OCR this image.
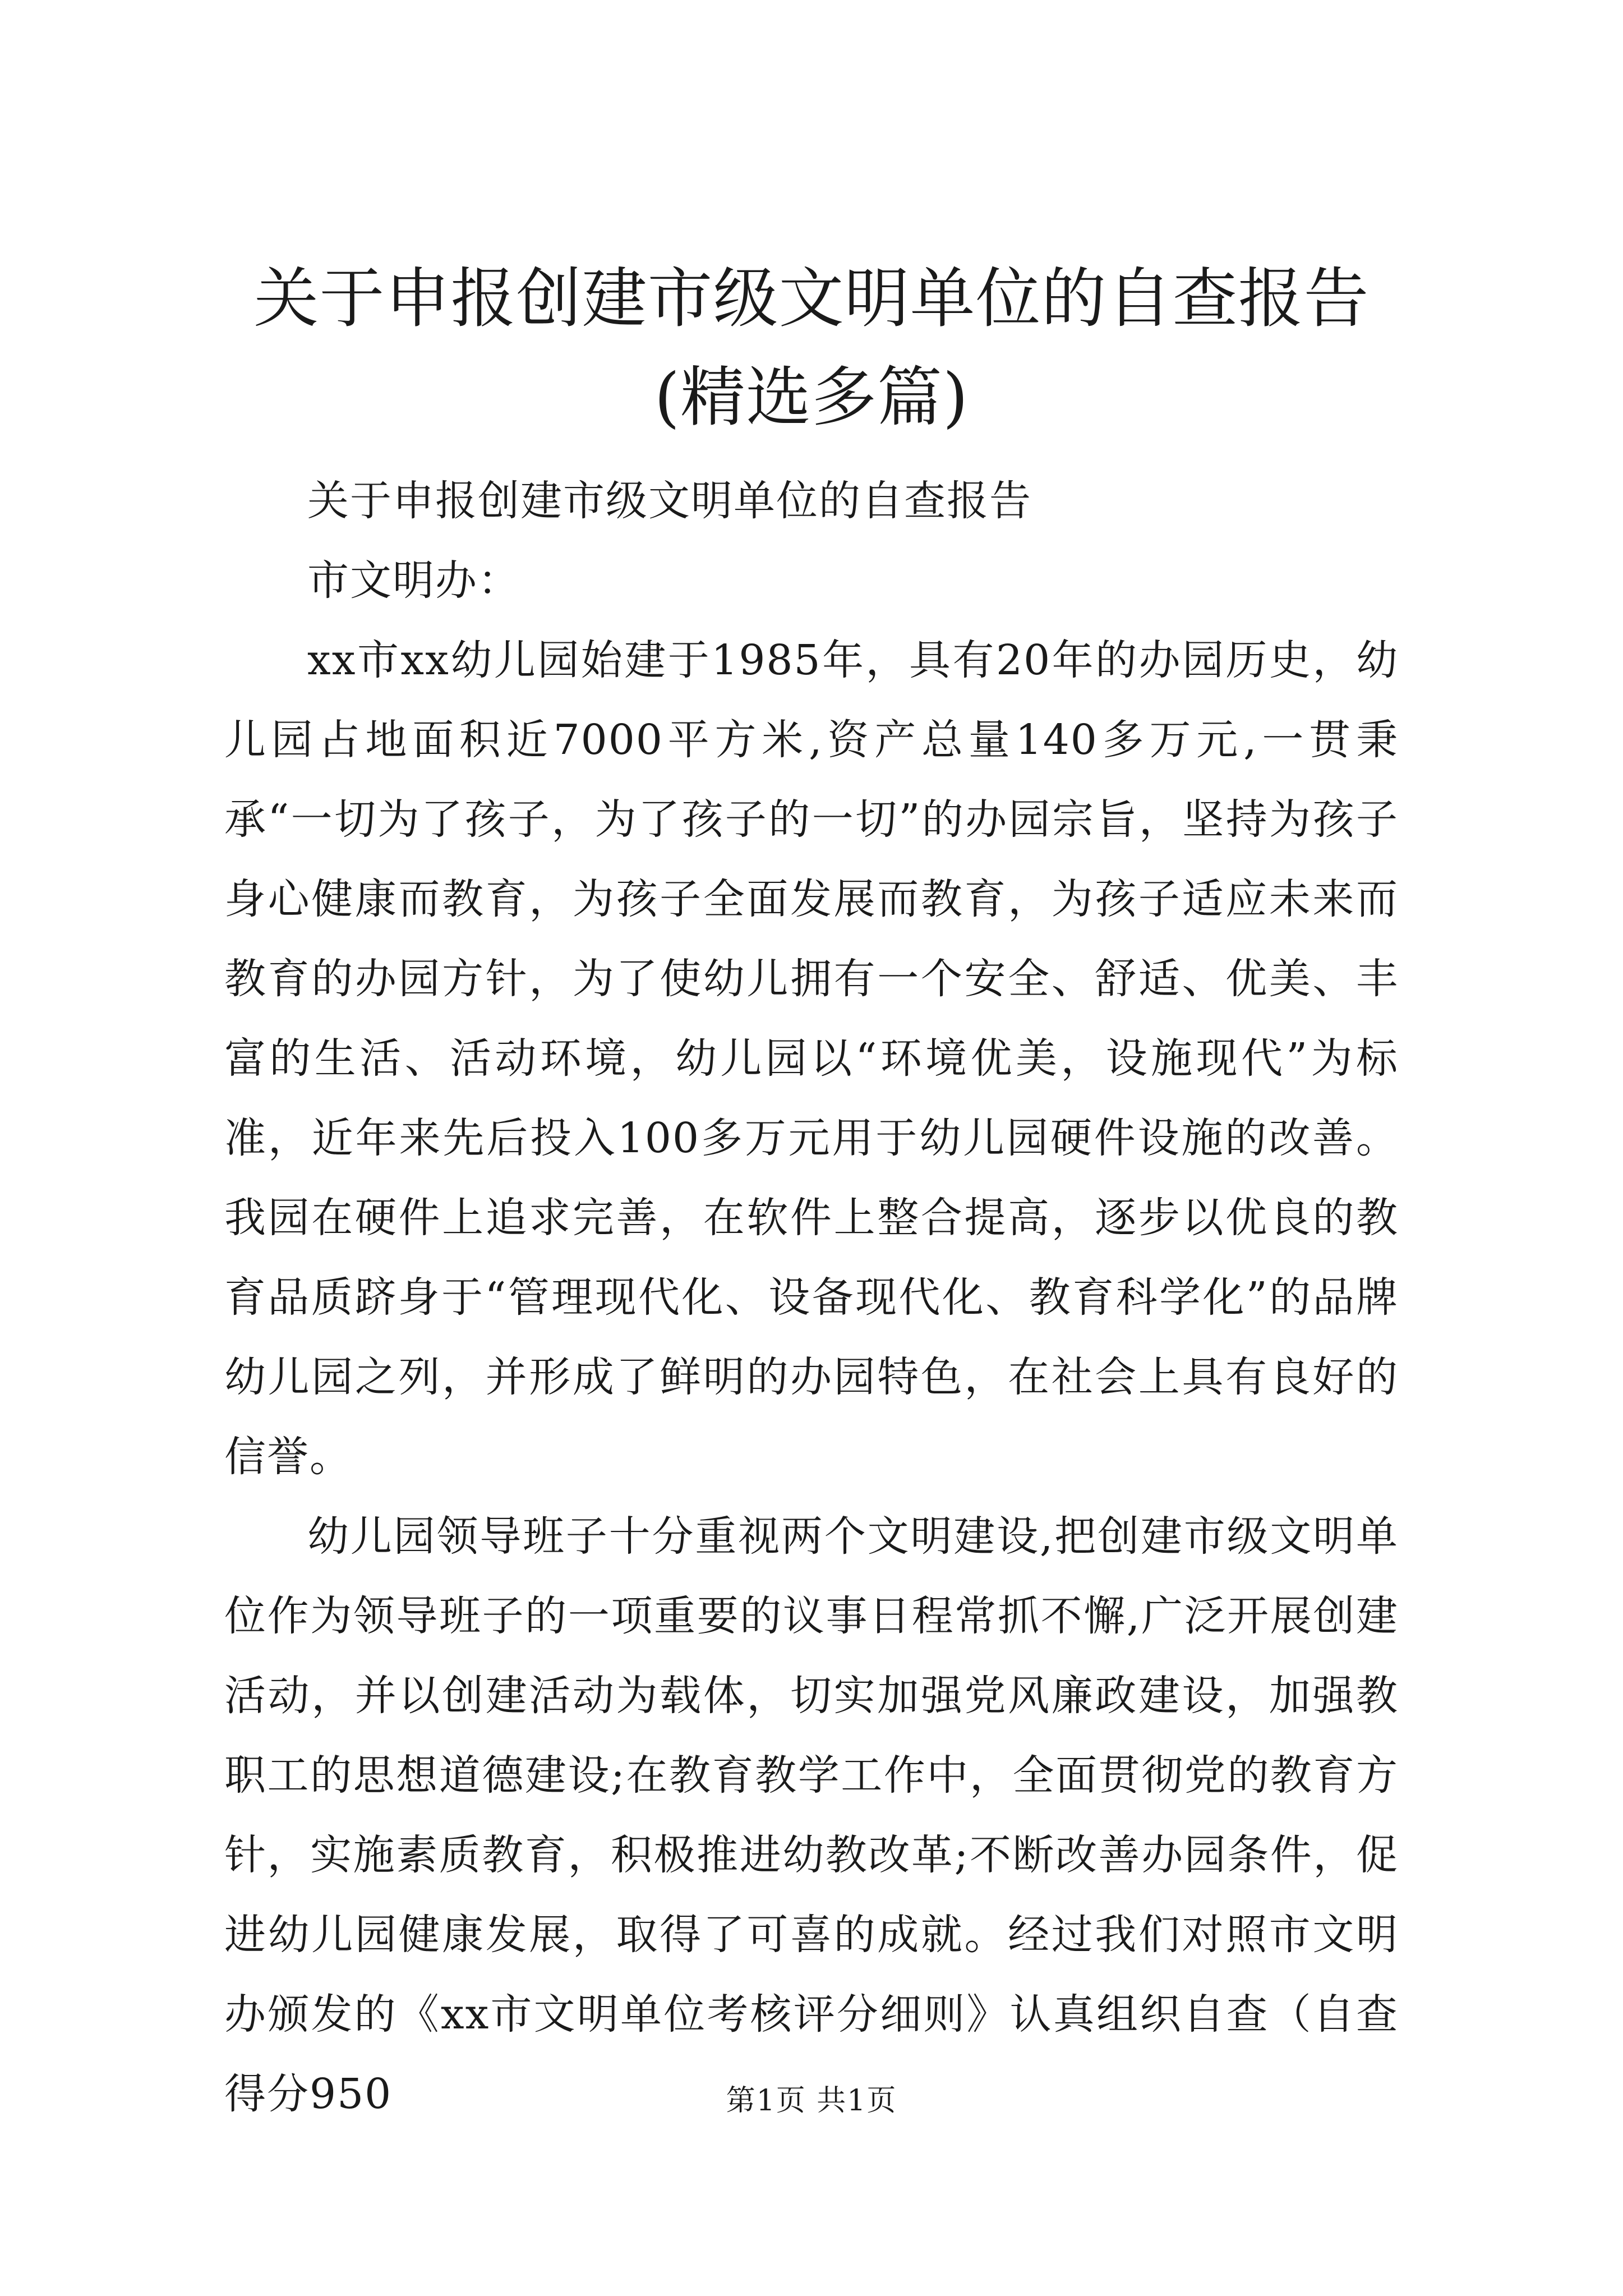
关于申报创建市级文明单位的自查报告(精选多篇)

关于申报创建市级文明单位的自查报告

市文明办：

xx市xx幼儿园始建于1985年，具有20年的办园历史，幼儿园占地面积近7000平方米,资产总量140多万元,一贯秉承“一切为了孩子，为了孩子的一切”的办园宗旨，坚持为孩子身心健康而教育，为孩子全面发展而教育，为孩子适应未来而教育的办园方针，为了使幼儿拥有一个安全、舒适、优美、丰富的生活、活动环境，幼儿园以“环境优美，设施现代”为标准，近年来先后投入100多万元用于幼儿园硬件设施的改善。我园在硬件上追求完善，在软件上整合提高，逐步以优良的教育品质跻身于“管理现代化、设备现代化、教育科学化”的品牌幼儿园之列，并形成了鲜明的办园特色，在社会上具有良好的信誉。

幼儿园领导班子十分重视两个文明建设,把创建市级文明单位作为领导班子的一项重要的议事日程常抓不懈,广泛开展创建活动，并以创建活动为载体，切实加强党风廉政建设，加强教职工的思想道德建设;在教育教学工作中，全面贯彻党的教育方针，实施素质教育，积极推进幼教改革;不断改善办园条件，促进幼儿园健康发展，取得了可喜的成就。经过我们对照市文明办颁发的《xx市文明单位考核评分细则》认真组织自查（自查得分950	第1页 共1页
